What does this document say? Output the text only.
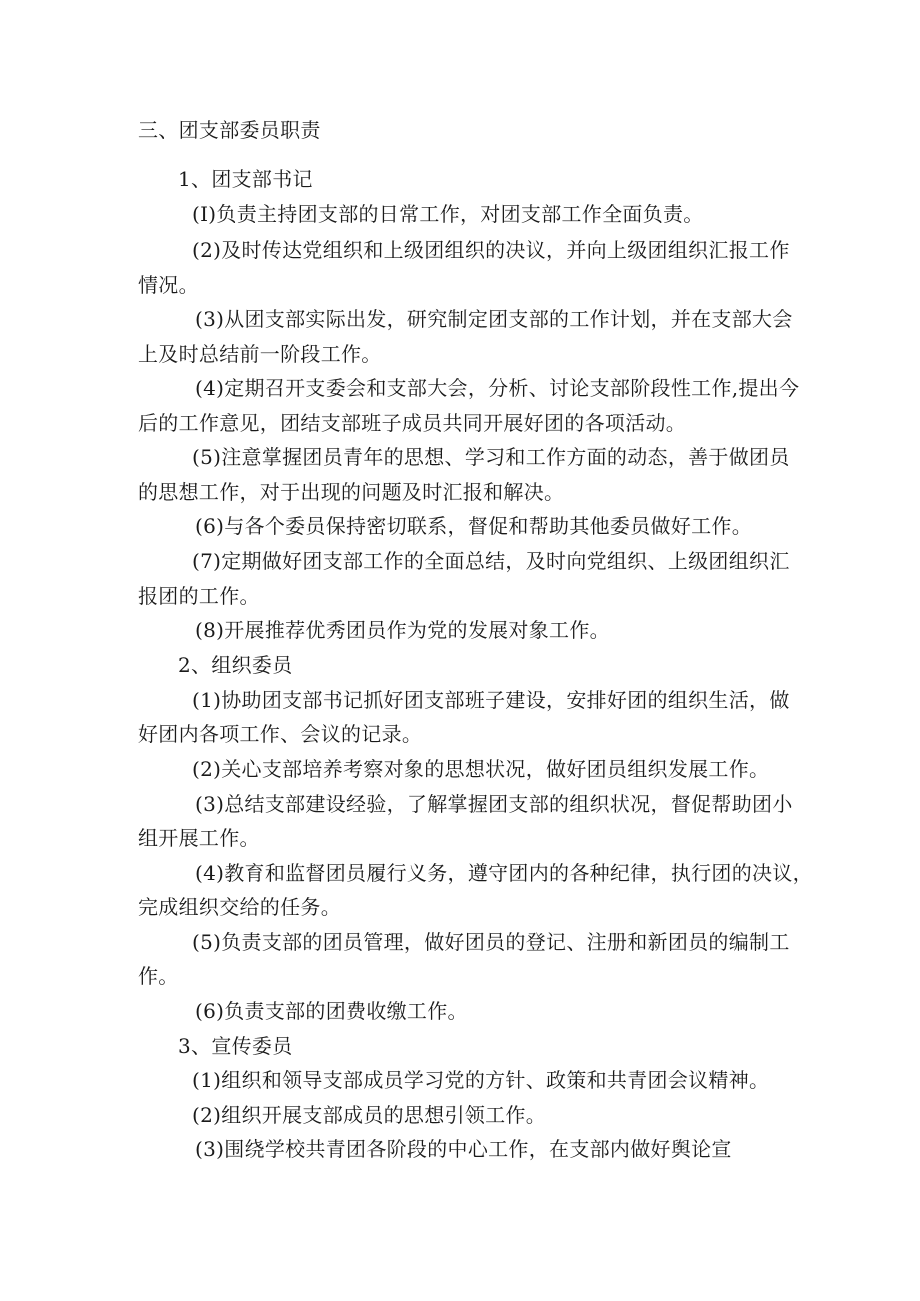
三、团支部委员职责
1、团支部书记
(I)负责主持团支部的日常工作，对团支部工作全面负责。
(2)及时传达党组织和上级团组织的决议，并向上级团组织汇报工作
情况。
(3)从团支部实际出发，研究制定团支部的工作计划，并在支部大会
上及时总结前一阶段工作。
(4)定期召开支委会和支部大会，分析、讨论支部阶段性工作,提出今
后的工作意见，团结支部班子成员共同开展好团的各项活动。
(5)注意掌握团员青年的思想、学习和工作方面的动态，善于做团员
的思想工作，对于出现的问题及时汇报和解决。
(6)与各个委员保持密切联系，督促和帮助其他委员做好工作。
(7)定期做好团支部工作的全面总结，及时向党组织、上级团组织汇
报团的工作。
(8)开展推荐优秀团员作为党的发展对象工作。
2、组织委员
(1)协助团支部书记抓好团支部班子建设，安排好团的组织生活，做
好团内各项工作、会议的记录。
(2)关心支部培养考察对象的思想状况，做好团员组织发展工作。
(3)总结支部建设经验，了解掌握团支部的组织状况，督促帮助团小
组开展工作。
(4)教育和监督团员履行义务，遵守团内的各种纪律，执行团的决议，
完成组织交给的任务。
(5)负责支部的团员管理，做好团员的登记、注册和新团员的编制工
作。
(6)负责支部的团费收缴工作。
3、宣传委员
(1)组织和领导支部成员学习党的方针、政策和共青团会议精神。
(2)组织开展支部成员的思想引领工作。
(3)围绕学校共青团各阶段的中心工作，在支部内做好舆论宣
